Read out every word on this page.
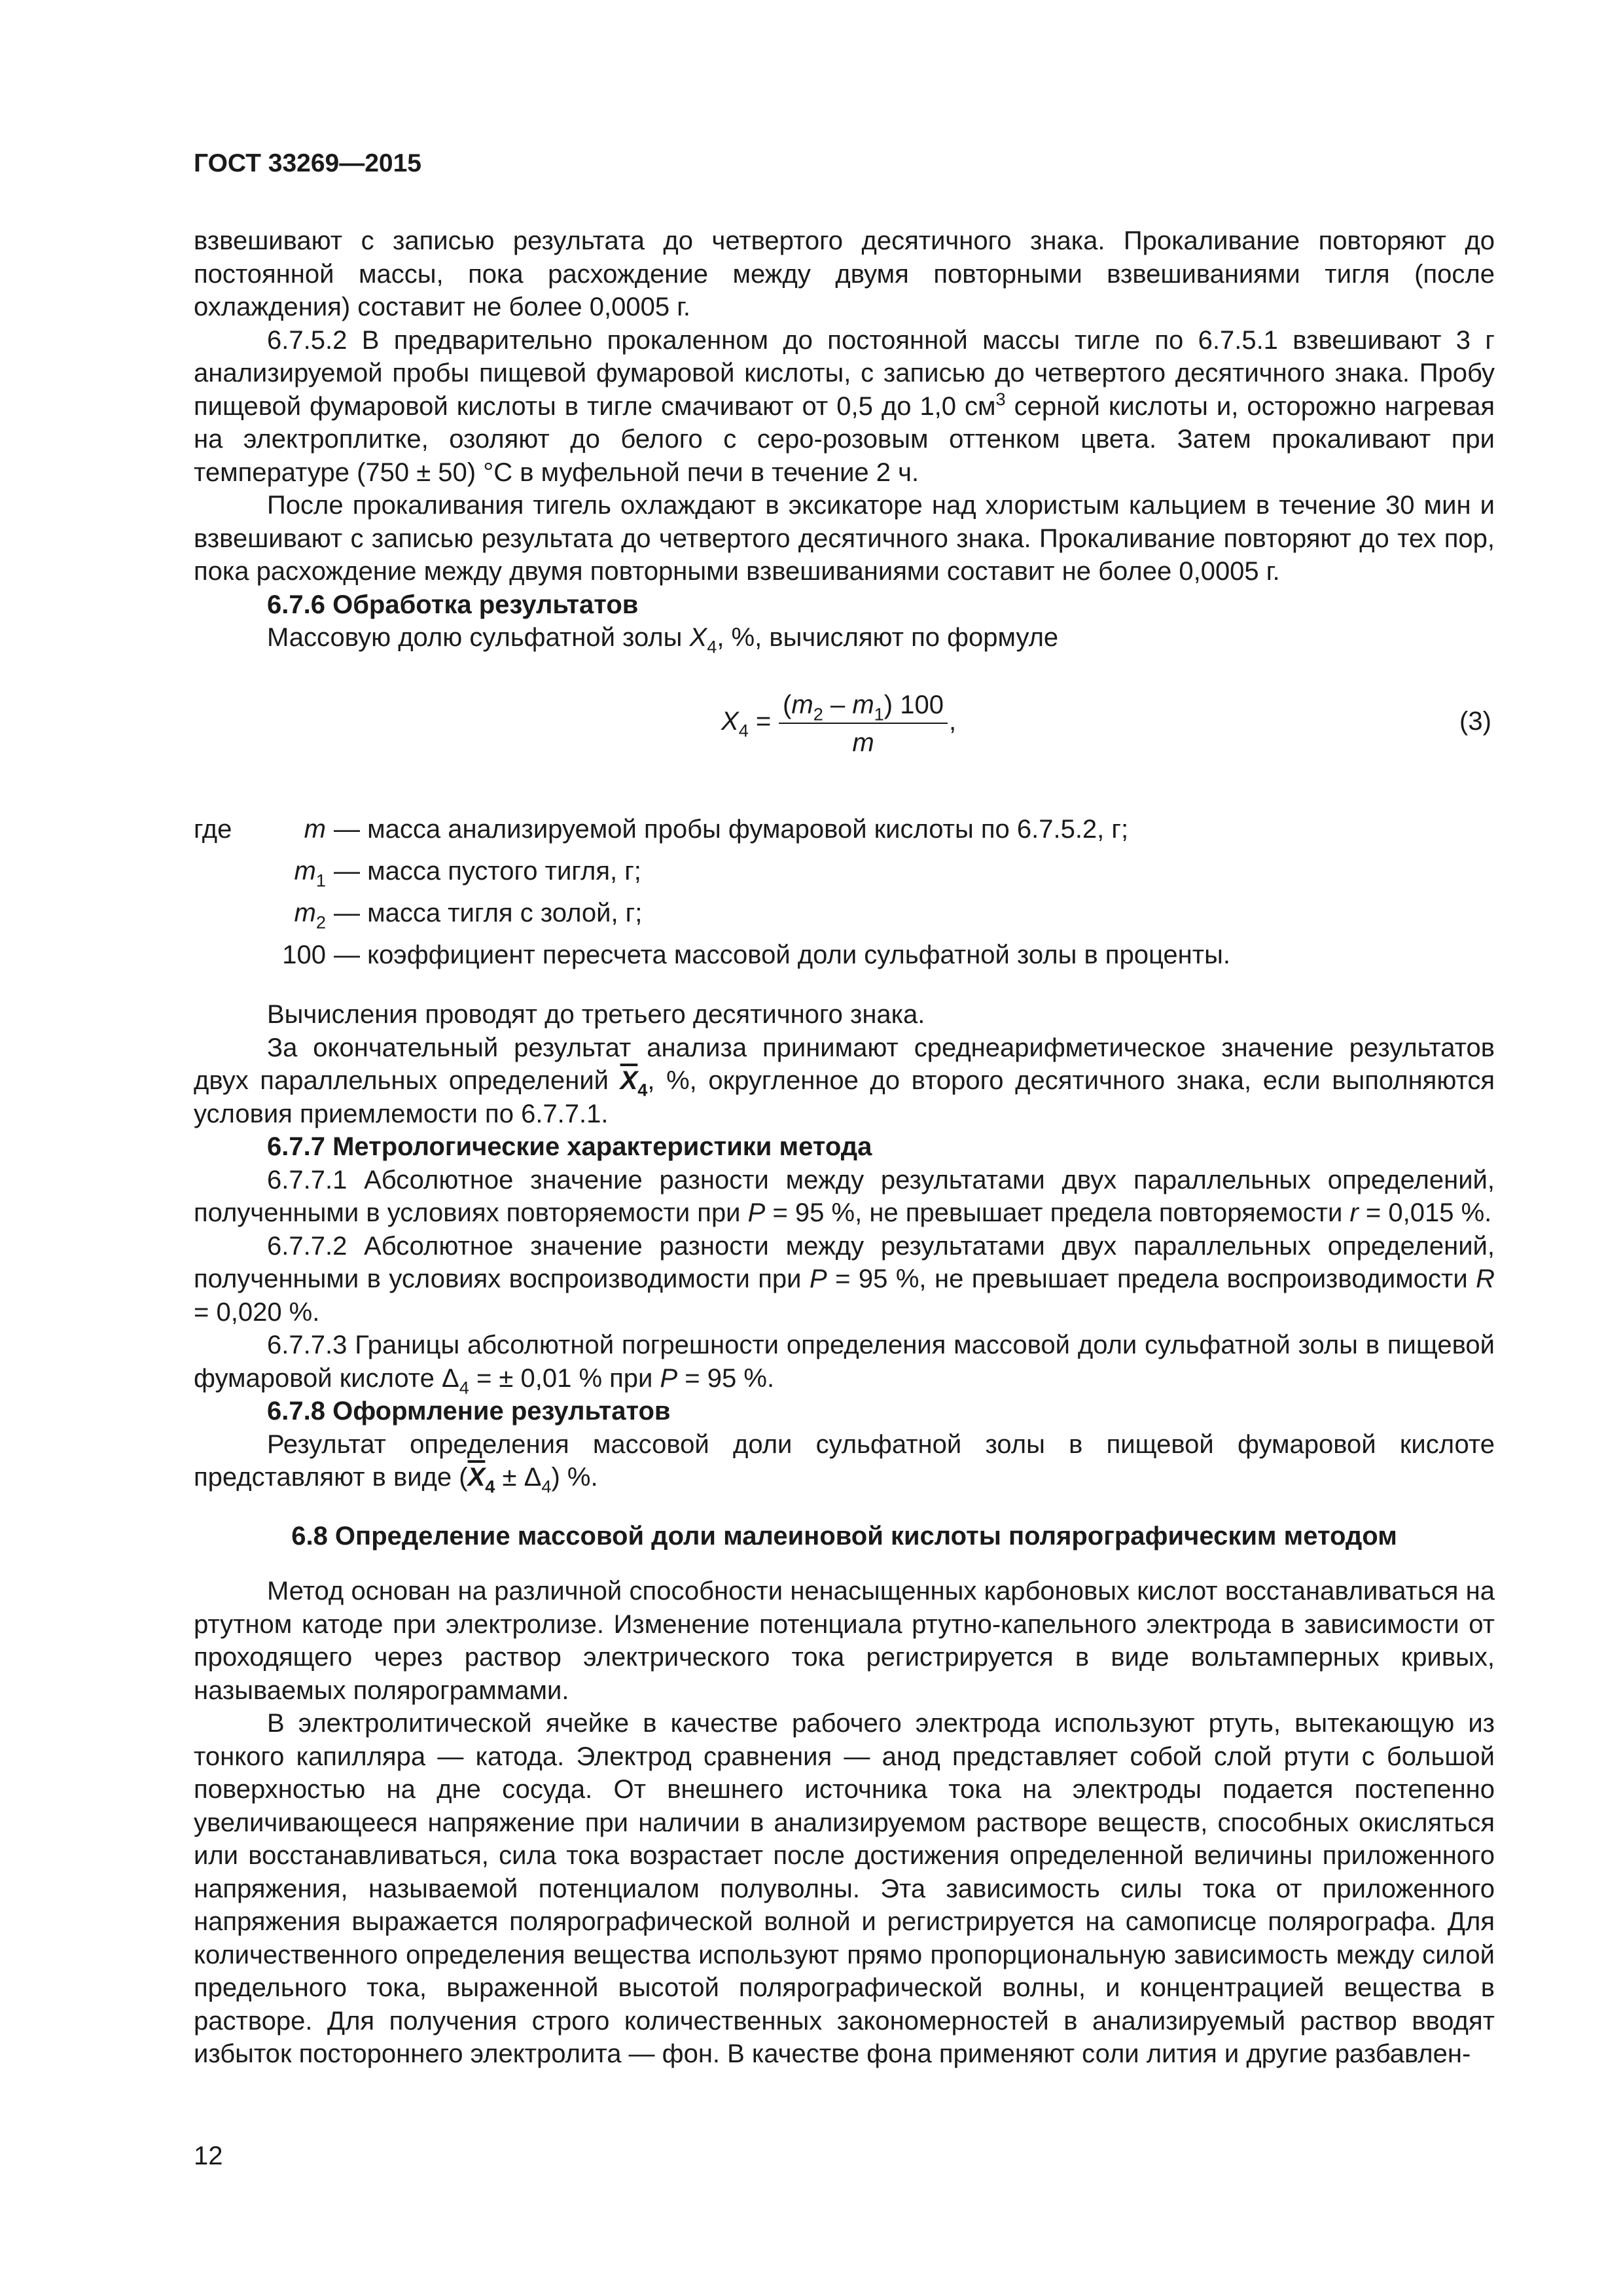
ГОСТ 33269—2015

взвешивают с записью результата до четвертого десятичного знака. Прокаливание повторяют до постоянной массы, пока расхождение между двумя повторными взвешиваниями тигля (после охлаждения) составит не более 0,0005 г.

6.7.5.2 В предварительно прокаленном до постоянной массы тигле по 6.7.5.1 взвешивают 3 г анализируемой пробы пищевой фумаровой кислоты, с записью до четвертого десятичного знака. Пробу пищевой фумаровой кислоты в тигле смачивают от 0,5 до 1,0 $см^3$ серной кислоты и, осторожно нагревая на электроплитке, озоляют до белого с серо-розовым оттенком цвета. Затем прокаливают при температуре (750 ± 50) °С в муфельной печи в течение 2 ч.

После прокаливания тигель охлаждают в эксикаторе над хлористым кальцием в течение 30 мин и взвешивают с записью результата до четвертого десятичного знака. Прокаливание повторяют до тех пор, пока расхождение между двумя повторными взвешиваниями составит не более 0,0005 г.

6.7.6 Обработка результатов

Массовую долю сульфатной золы $X_4$, %, вычисляют по формуле

$X_4$ =
$(m_2 - m_1)$ 100
m
,	(3)
где	m — масса анализируемой пробы фумаровой кислоты по 6.7.5.2, г;
$m_1$ — масса пустого тигля, г;
$m_2$ — масса тигля с золой, г;
100 — коэффициент пересчета массовой доли сульфатной золы в проценты.

Вычисления проводят до третьего десятичного знака.

За окончательный результат анализа принимают среднеарифметическое значение результатов двух параллельных определений $\overline{X}_4$, %, округленное до второго десятичного знака, если выполняются условия приемлемости по 6.7.7.1.

6.7.7 Метрологические характеристики метода

6.7.7.1 Абсолютное значение разности между результатами двух параллельных определений, полученными в условиях повторяемости при P = 95 %, не превышает предела повторяемости r = 0,015 %.

6.7.7.2 Абсолютное значение разности между результатами двух параллельных определений, полученными в условиях воспроизводимости при P = 95 %, не превышает предела воспроизводимости R = 0,020 %.

6.7.7.3 Границы абсолютной погрешности определения массовой доли сульфатной золы в пищевой фумаровой кислоте $\Delta_4$ = ± 0,01 % при P = 95 %.

6.7.8 Оформление результатов

Результат определения массовой доли сульфатной золы в пищевой фумаровой кислоте представляют в виде $(\overline{X}_4 \pm \Delta_4)$ %.

6.8 Определение массовой доли малеиновой кислоты полярографическим методом

Метод основан на различной способности ненасыщенных карбоновых кислот восстанавливаться на ртутном катоде при электролизе. Изменение потенциала ртутно-капельного электрода в зависимости от проходящего через раствор электрического тока регистрируется в виде вольтамперных кривых, называемых полярограммами.

В электролитической ячейке в качестве рабочего электрода используют ртуть, вытекающую из тонкого капилляра — катода. Электрод сравнения — анод представляет собой слой ртути с большой поверхностью на дне сосуда. От внешнего источника тока на электроды подается постепенно увеличивающееся напряжение при наличии в анализируемом растворе веществ, способных окисляться или восстанавливаться, сила тока возрастает после достижения определенной величины приложенного напряжения, называемой потенциалом полуволны. Эта зависимость силы тока от приложенного напряжения выражается полярографической волной и регистрируется на самописце полярографа. Для количественного определения вещества используют прямо пропорциональную зависимость между силой предельного тока, выраженной высотой полярографической волны, и концентрацией вещества в растворе. Для получения строго количественных закономерностей в анализируемый раствор вводят избыток постороннего электролита — фон. В качестве фона применяют соли лития и другие разбавлен-

12
